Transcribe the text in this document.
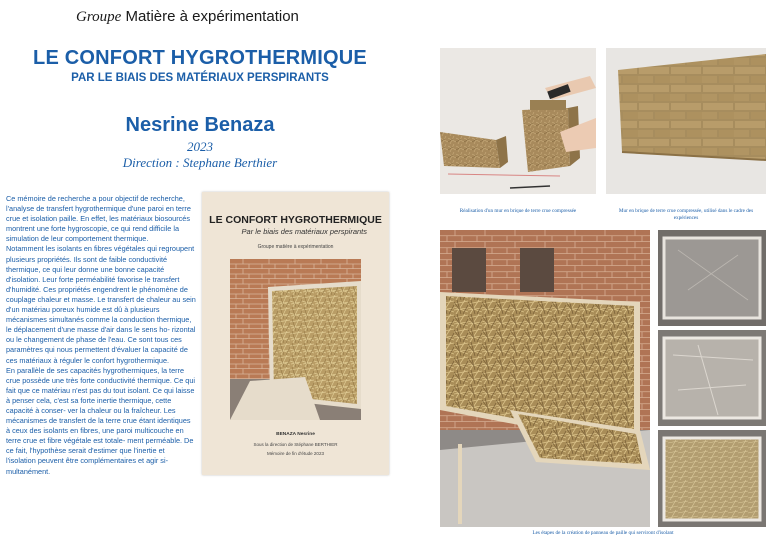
Groupe Matière à expérimentation
LE CONFORT HYGROTHERMIQUE
PAR LE BIAIS DES MATÉRIAUX PERSPIRANTS
Nesrine Benaza
2023
Direction : Stephane Berthier

Ce mémoire de recherche a pour objectif de recherche, l'analyse de transfert hygrothermique d'une paroi en terre crue et isolation paille. En effet, les matériaux biosourcés montrent une forte hygroscopie, ce qui rend difficile la simulation de leur comportement thermique.

Notamment les isolants en fibres végétales qui regroupent plusieurs propriétés. Ils sont de faible conductivité thermique, ce qui leur donne une bonne capacité d'isolation. Leur forte perméabilité favorise le transfert d'humidité. Ces propriétés engendrent le phénomène de couplage chaleur et masse. Le transfert de chaleur au sein d'un matériau poreux humide est dû à plusieurs mécanismes simultanés comme la conduction thermique, le déplacement d'une masse d'air dans le sens ho- rizontal ou le changement de phase de l'eau. Ce sont tous ces paramètres qui nous permettent d'évaluer la capacité de ces matériaux à réguler le confort hygrothermique.

En parallèle de ses capacités hygrothermiques, la terre crue possède une très forte conductivité thermique. Ce qui fait que ce matériau n'est pas du tout isolant. Ce qui laisse à penser cela, c'est sa forte inertie thermique, cette capacité à conser- ver la chaleur ou la fraîcheur. Les mécanismes de transfert de la terre crue étant identiques à ceux des isolants en fibres, une paroi multicouche en terre crue et fibre végétale est totale- ment perméable. De ce fait, l'hypothèse serait d'estimer que l'inertie et l'isolation peuvent être complémentaires et agir si- multanément.

LE CONFORT HYGROTHERMIQUE
Par le biais des matériaux perspirants
Groupe matière à expérimentation
BENAZA Nesrine
Sous la direction de Stéphane BERTHIER
Mémoire de fin d'étude 2023
Réalisation d'un mur en brique de terre crue compressée	Mur en brique de terre crue compressée, utilisé dans le cadre des expériences
Les étapes de la création de panneau de paille qui serviront d'isolant
